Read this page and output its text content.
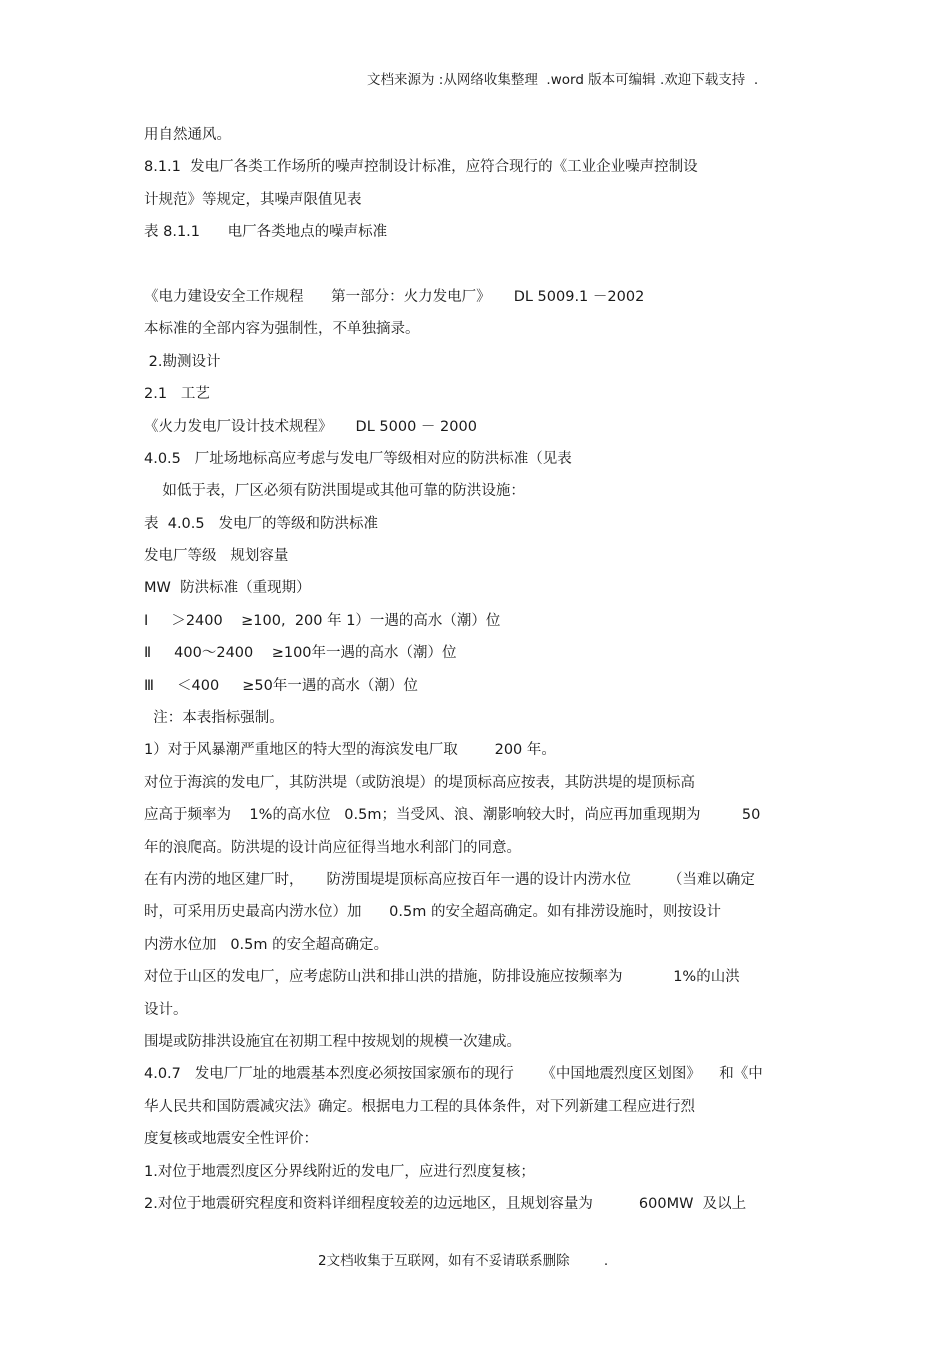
文档来源为 :从网络收集整理  .word 版本可编辑 .欢迎下载支持  .
用自然通风。
8.1.1  发电厂各类工作场所的噪声控制设计标准，应符合现行的《工业企业噪声控制设
计规范》等规定，其噪声限值见表
表 8.1.1      电厂各类地点的噪声标准
《电力建设安全工作规程      第一部分：火力发电厂》     DL 5009.1 －2002
本标准的全部内容为强制性，不单独摘录。
2.勘测设计
2.1   工艺
《火力发电厂设计技术规程》     DL 5000 － 2000
4.0.5   厂址场地标高应考虑与发电厂等级相对应的防洪标准（见表
如低于表，厂区必须有防洪围堤或其他可靠的防洪设施：
表  4.0.5   发电厂的等级和防洪标准
发电厂等级   规划容量
MW  防洪标准（重现期）
Ⅰ     ＞2400    ≥100,  200 年 1）一遇的高水（潮）位
Ⅱ     400～2400    ≥100年一遇的高水（潮）位
Ⅲ     ＜400     ≥50年一遇的高水（潮）位
注：本表指标强制。
1）对于风暴潮严重地区的特大型的海滨发电厂取        200 年。
对位于海滨的发电厂，其防洪堤（或防浪堤）的堤顶标高应按表，其防洪堤的堤顶标高
应高于频率为    1%的高水位   0.5m；当受风、浪、潮影响较大时，尚应再加重现期为         50
年的浪爬高。防洪堤的设计尚应征得当地水利部门的同意。
在有内涝的地区建厂时，     防涝围堤堤顶标高应按百年一遇的设计内涝水位        （当难以确定
时，可采用历史最高内涝水位）加      0.5m 的安全超高确定。如有排涝设施时，则按设计
内涝水位加   0.5m 的安全超高确定。
对位于山区的发电厂，应考虑防山洪和排山洪的措施，防排设施应按频率为           1%的山洪
设计。
围堤或防排洪设施宜在初期工程中按规划的规模一次建成。
4.0.7   发电厂厂址的地震基本烈度必须按国家颁布的现行      《中国地震烈度区划图》    和《中
华人民共和国防震减灾法》确定。根据电力工程的具体条件，对下列新建工程应进行烈
度复核或地震安全性评价：
1.对位于地震烈度区分界线附近的发电厂，应进行烈度复核；
2.对位于地震研究程度和资料详细程度较差的边远地区，且规划容量为          600MW  及以上
2文档收集于互联网，如有不妥请联系删除        .
